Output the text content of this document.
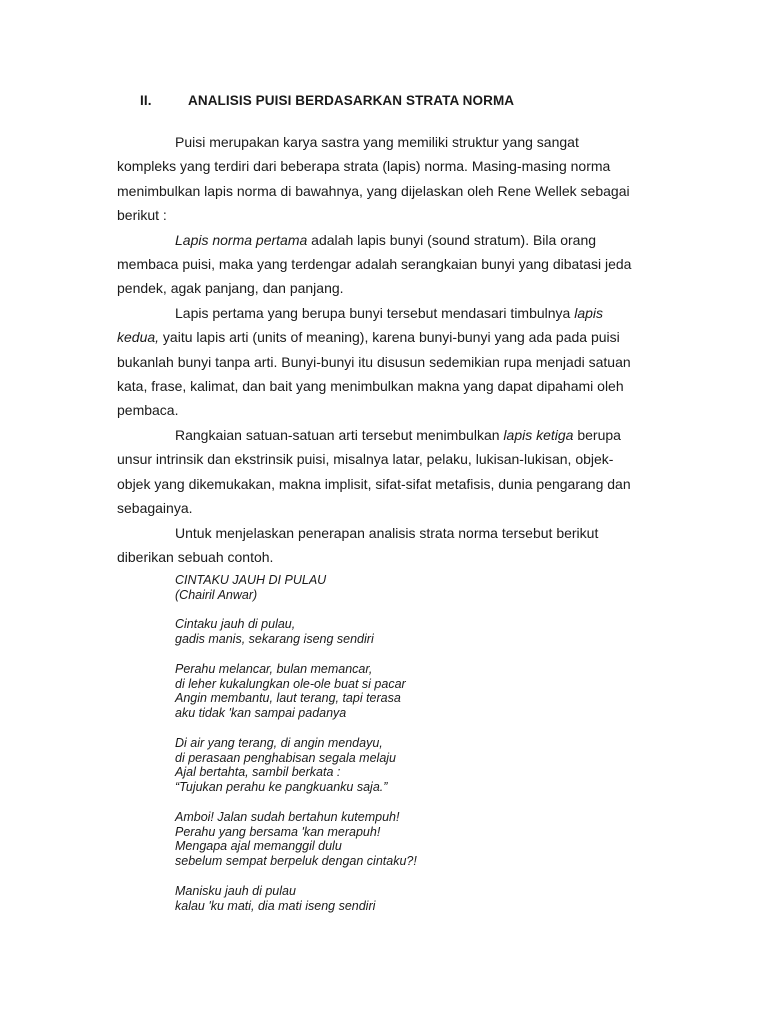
II.	ANALISIS PUISI BERDASARKAN STRATA NORMA

Puisi merupakan karya sastra yang memiliki struktur yang sangat kompleks yang terdiri dari beberapa strata (lapis) norma. Masing-masing norma menimbulkan lapis norma di bawahnya, yang dijelaskan oleh Rene Wellek sebagai berikut :

Lapis norma pertama adalah lapis bunyi (sound stratum). Bila orang membaca puisi, maka yang terdengar adalah serangkaian bunyi yang dibatasi jeda pendek, agak panjang, dan panjang.

Lapis pertama yang berupa bunyi tersebut mendasari timbulnya lapis kedua, yaitu lapis arti (units of meaning), karena bunyi-bunyi yang ada pada puisi bukanlah bunyi tanpa arti. Bunyi-bunyi itu disusun sedemikian rupa menjadi satuan kata, frase, kalimat, dan bait yang menimbulkan makna yang dapat dipahami oleh pembaca.

Rangkaian satuan-satuan arti tersebut menimbulkan lapis ketiga berupa unsur intrinsik dan ekstrinsik puisi, misalnya latar, pelaku, lukisan-lukisan, objek-objek yang dikemukakan, makna implisit, sifat-sifat metafisis, dunia pengarang dan sebagainya.

Untuk menjelaskan penerapan analisis strata norma tersebut berikut diberikan sebuah contoh.

CINTAKU JAUH DI PULAU
(Chairil Anwar)
Cintaku jauh di pulau,
gadis manis, sekarang iseng sendiri
Perahu melancar, bulan memancar,
di leher kukalungkan ole-ole buat si pacar
Angin membantu, laut terang, tapi terasa
aku tidak 'kan sampai padanya
Di air yang terang, di angin mendayu,
di perasaan penghabisan segala melaju
Ajal bertahta, sambil berkata :
“Tujukan perahu ke pangkuanku saja.”
Amboi! Jalan sudah bertahun kutempuh!
Perahu yang bersama 'kan merapuh!
Mengapa ajal memanggil dulu
sebelum sempat berpeluk dengan cintaku?!
Manisku jauh di pulau
kalau 'ku mati, dia mati iseng sendiri
